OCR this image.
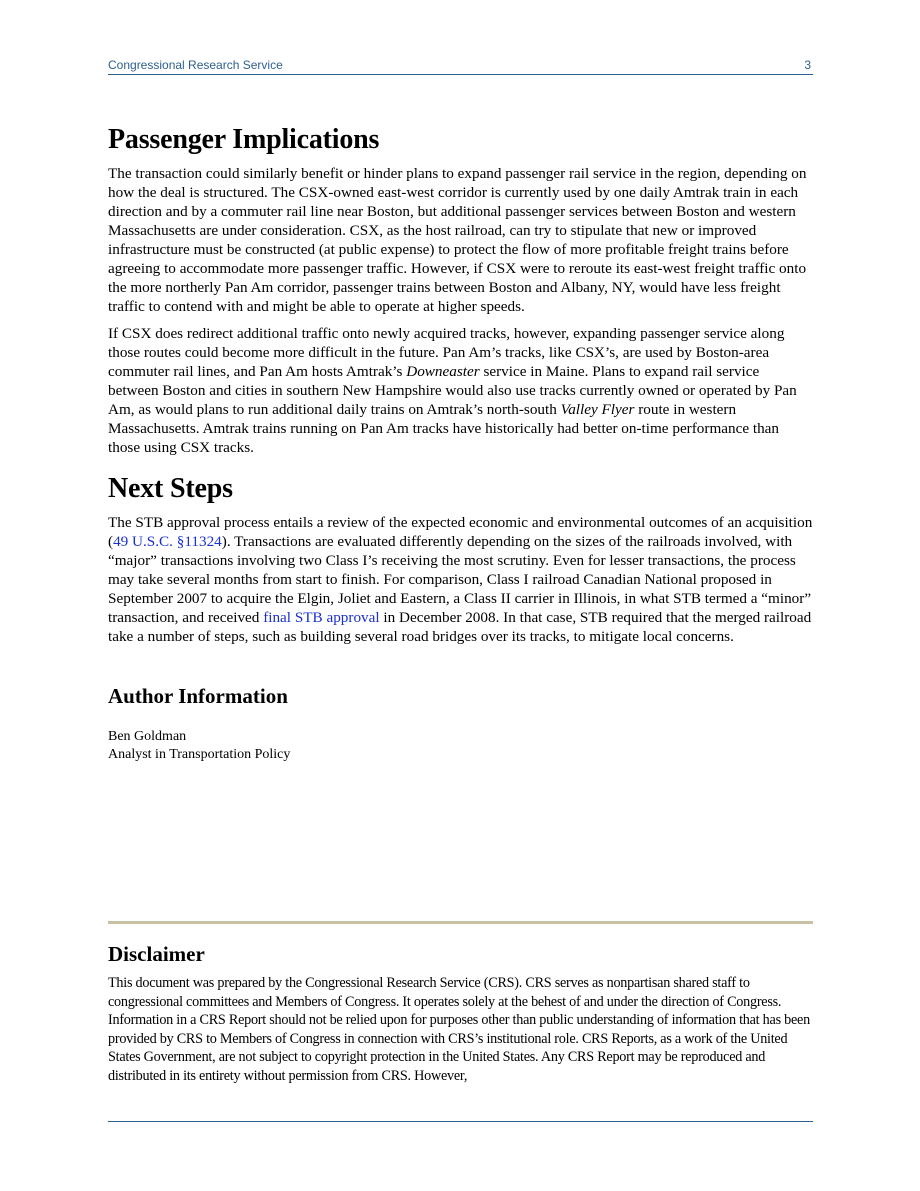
Congressional Research Service	3
Passenger Implications

The transaction could similarly benefit or hinder plans to expand passenger rail service in the region, depending on how the deal is structured. The CSX-owned east-west corridor is currently used by one daily Amtrak train in each direction and by a commuter rail line near Boston, but additional passenger services between Boston and western Massachusetts are under consideration. CSX, as the host railroad, can try to stipulate that new or improved infrastructure must be constructed (at public expense) to protect the flow of more profitable freight trains before agreeing to accommodate more passenger traffic. However, if CSX were to reroute its east-west freight traffic onto the more northerly Pan Am corridor, passenger trains between Boston and Albany, NY, would have less freight traffic to contend with and might be able to operate at higher speeds.

If CSX does redirect additional traffic onto newly acquired tracks, however, expanding passenger service along those routes could become more difficult in the future. Pan Am’s tracks, like CSX’s, are used by Boston-area commuter rail lines, and Pan Am hosts Amtrak’s Downeaster service in Maine. Plans to expand rail service between Boston and cities in southern New Hampshire would also use tracks currently owned or operated by Pan Am, as would plans to run additional daily trains on Amtrak’s north-south Valley Flyer route in western Massachusetts. Amtrak trains running on Pan Am tracks have historically had better on-time performance than those using CSX tracks.

Next Steps

The STB approval process entails a review of the expected economic and environmental outcomes of an acquisition (49 U.S.C. §11324). Transactions are evaluated differently depending on the sizes of the railroads involved, with “major” transactions involving two Class I’s receiving the most scrutiny. Even for lesser transactions, the process may take several months from start to finish. For comparison, Class I railroad Canadian National proposed in September 2007 to acquire the Elgin, Joliet and Eastern, a Class II carrier in Illinois, in what STB termed a “minor” transaction, and received final STB approval in December 2008. In that case, STB required that the merged railroad take a number of steps, such as building several road bridges over its tracks, to mitigate local concerns.

Author Information
Ben Goldman
Analyst in Transportation Policy
Disclaimer

This document was prepared by the Congressional Research Service (CRS). CRS serves as nonpartisan shared staff to congressional committees and Members of Congress. It operates solely at the behest of and under the direction of Congress. Information in a CRS Report should not be relied upon for purposes other than public understanding of information that has been provided by CRS to Members of Congress in connection with CRS’s institutional role. CRS Reports, as a work of the United States Government, are not subject to copyright protection in the United States. Any CRS Report may be reproduced and distributed in its entirety without permission from CRS. However,
